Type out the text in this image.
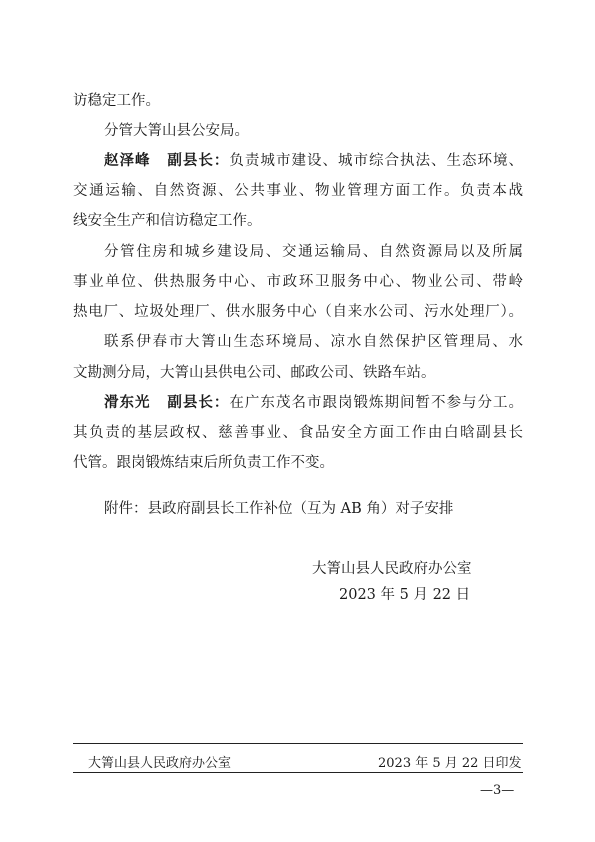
访稳定工作。
分管大箐山县公安局。
赵泽峰 副县长：负责城市建设、城市综合执法、生态环境、
交通运输、自然资源、公共事业、物业管理方面工作。负责本战
线安全生产和信访稳定工作。
分管住房和城乡建设局、交通运输局、自然资源局以及所属
事业单位、供热服务中心、市政环卫服务中心、物业公司、带岭
热电厂、垃圾处理厂、供水服务中心（自来水公司、污水处理厂）。
联系伊春市大箐山生态环境局、凉水自然保护区管理局、水
文勘测分局，大箐山县供电公司、邮政公司、铁路车站。
滑东光 副县长：在广东茂名市跟岗锻炼期间暂不参与分工。
其负责的基层政权、慈善事业、食品安全方面工作由白晗副县长
代管。跟岗锻炼结束后所负责工作不变。
附件：县政府副县长工作补位（互为 AB 角）对子安排
大箐山县人民政府办公室
2023 年 5 月 22 日
大箐山县人民政府办公室	2023 年 5 月 22 日印发
—3—
